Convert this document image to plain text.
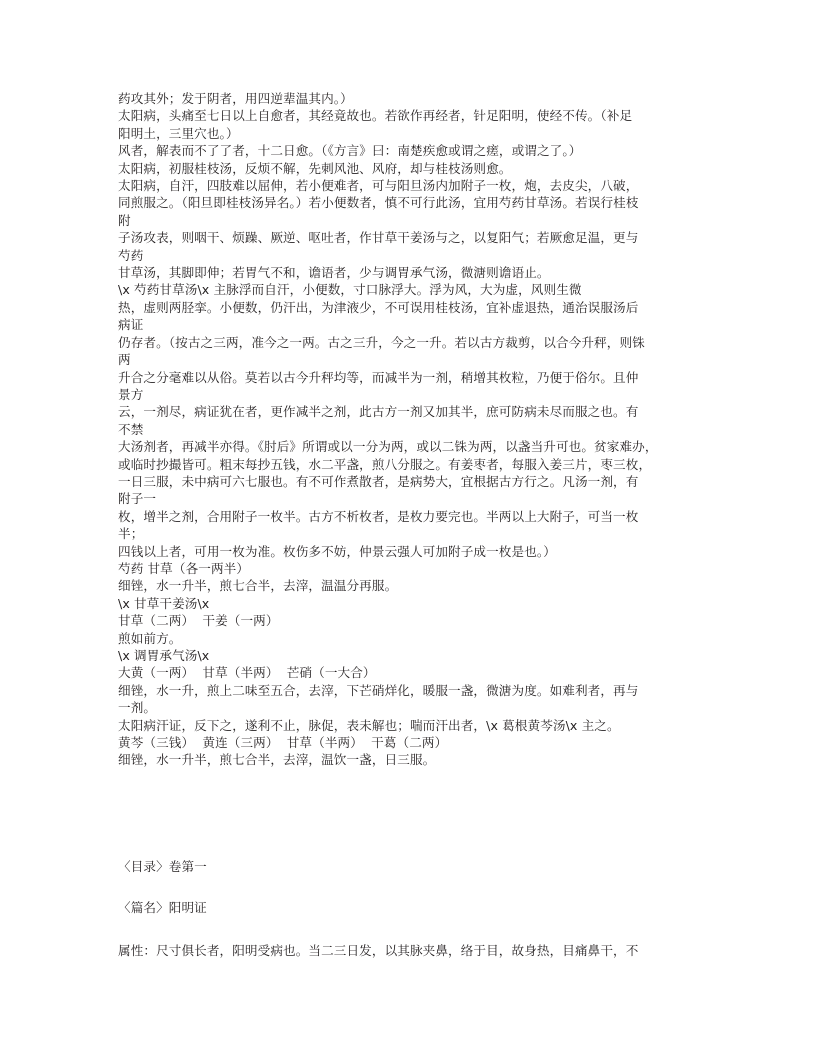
药攻其外；发于阴者，用四逆辈温其内。）
太阳病，头痛至七日以上自愈者，其经竟故也。若欲作再经者，针足阳明，使经不传。（补足
阳明土，三里穴也。）
风者，解表而不了了者，十二日愈。（《方言》曰：南楚疾愈或谓之瘥，或谓之了。）
太阳病，初服桂枝汤，反烦不解，先刺风池、风府，却与桂枝汤则愈。
太阳病，自汗，四肢难以屈伸，若小便难者，可与阳旦汤内加附子一枚，炮，去皮尖，八破，
同煎服之。（阳旦即桂枝汤异名。）若小便数者，慎不可行此汤，宜用芍药甘草汤。若误行桂枝
附
子汤攻表，则咽干、烦躁、厥逆、呕吐者，作甘草干姜汤与之，以复阳气；若厥愈足温，更与
芍药
甘草汤，其脚即伸；若胃气不和，谵语者，少与调胃承气汤，微溏则谵语止。
\x 芍药甘草汤\x 主脉浮而自汗，小便数，寸口脉浮大。浮为风，大为虚，风则生微
热，虚则两胫挛。小便数，仍汗出，为津液少，不可误用桂枝汤，宜补虚退热，通治误服汤后
病证
仍存者。（按古之三两，准今之一两。古之三升，今之一升。若以古方裁剪，以合今升秤，则铢
两
升合之分毫难以从俗。莫若以古今升秤均等，而减半为一剂，稍增其枚粒，乃便于俗尔。且仲
景方
云，一剂尽，病证犹在者，更作减半之剂，此古方一剂又加其半，庶可防病未尽而服之也。有
不禁
大汤剂者，再减半亦得。《肘后》所谓或以一分为两，或以二铢为两，以盏当升可也。贫家难办，
或临时抄撮皆可。粗末每抄五钱，水二平盏，煎八分服之。有姜枣者，每服入姜三片，枣三枚，
一日三服，未中病可六七服也。有不可作煮散者，是病势大，宜根据古方行之。凡汤一剂，有
附子一
枚，增半之剂，合用附子一枚半。古方不析枚者，是枚力要完也。半两以上大附子，可当一枚
半；
四钱以上者，可用一枚为准。枚伤多不妨，仲景云强人可加附子成一枚是也。）
芍药 甘草（各一两半）
细锉，水一升半，煎七合半，去滓，温温分再服。
\x 甘草干姜汤\x
甘草（二两）  干姜（一两）
煎如前方。
\x 调胃承气汤\x
大黄（一两）  甘草（半两）  芒硝（一大合）
细锉，水一升，煎上二味至五合，去滓，下芒硝烊化，暖服一盏，微溏为度。如难利者，再与
一剂。
太阳病汗证，反下之，遂利不止，脉促，表未解也；喘而汗出者，\x 葛根黄芩汤\x 主之。
黄芩（三钱）  黄连（三两）  甘草（半两）  干葛（二两）
细锉，水一升半，煎七合半，去滓，温饮一盏，日三服。
〈目录〉卷第一
〈篇名〉阳明证
属性：尺寸俱长者，阳明受病也。当二三日发，以其脉夹鼻，络于目，故身热，目痛鼻干，不
